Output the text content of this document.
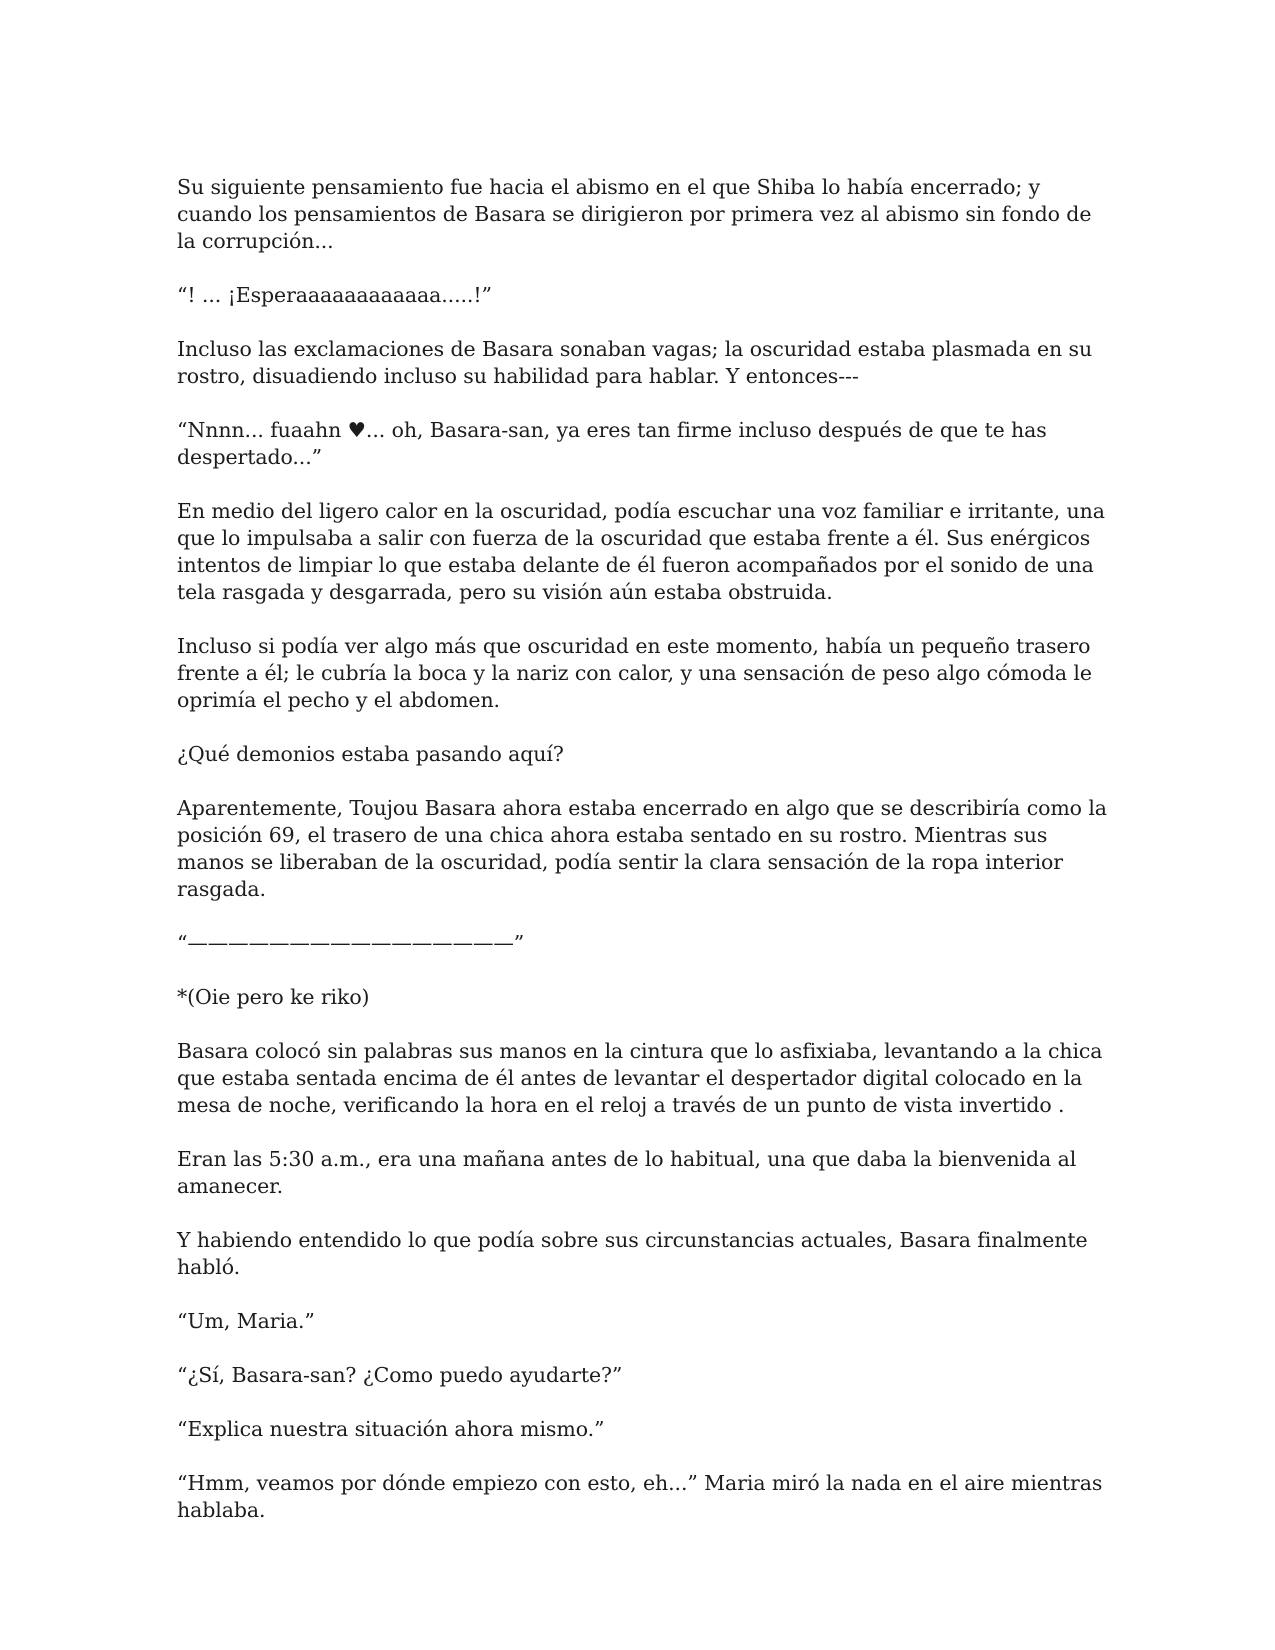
Su siguiente pensamiento fue hacia el abismo en el que Shiba lo había encerrado; y cuando los pensamientos de Basara se dirigieron por primera vez al abismo sin fondo de la corrupción...

“! ... ¡Esperaaaaaaaaaaaa.....!”

Incluso las exclamaciones de Basara sonaban vagas; la oscuridad estaba plasmada en su rostro, disuadiendo incluso su habilidad para hablar. Y entonces---

“Nnnn... fuaahn ♥... oh, Basara-san, ya eres tan firme incluso después de que te has despertado...”

En medio del ligero calor en la oscuridad, podía escuchar una voz familiar e irritante, una que lo impulsaba a salir con fuerza de la oscuridad que estaba frente a él. Sus enérgicos intentos de limpiar lo que estaba delante de él fueron acompañados por el sonido de una tela rasgada y desgarrada, pero su visión aún estaba obstruida.

Incluso si podía ver algo más que oscuridad en este momento, había un pequeño trasero frente a él; le cubría la boca y la nariz con calor, y una sensación de peso algo cómoda le oprimía el pecho y el abdomen.

¿Qué demonios estaba pasando aquí?

Aparentemente, Toujou Basara ahora estaba encerrado en algo que se describiría como la posición 69, el trasero de una chica ahora estaba sentado en su rostro. Mientras sus manos se liberaban de la oscuridad, podía sentir la clara sensación de la ropa interior rasgada.

“————————————————”

*(Oie pero ke riko)

Basara colocó sin palabras sus manos en la cintura que lo asfixiaba, levantando a la chica que estaba sentada encima de él antes de levantar el despertador digital colocado en la mesa de noche, verificando la hora en el reloj a través de un punto de vista invertido .

Eran las 5:30 a.m., era una mañana antes de lo habitual, una que daba la bienvenida al amanecer.

Y habiendo entendido lo que podía sobre sus circunstancias actuales, Basara finalmente habló.

“Um, Maria.”

“¿Sí, Basara-san? ¿Como puedo ayudarte?”

“Explica nuestra situación ahora mismo.”

“Hmm, veamos por dónde empiezo con esto, eh...” Maria miró la nada en el aire mientras hablaba.
